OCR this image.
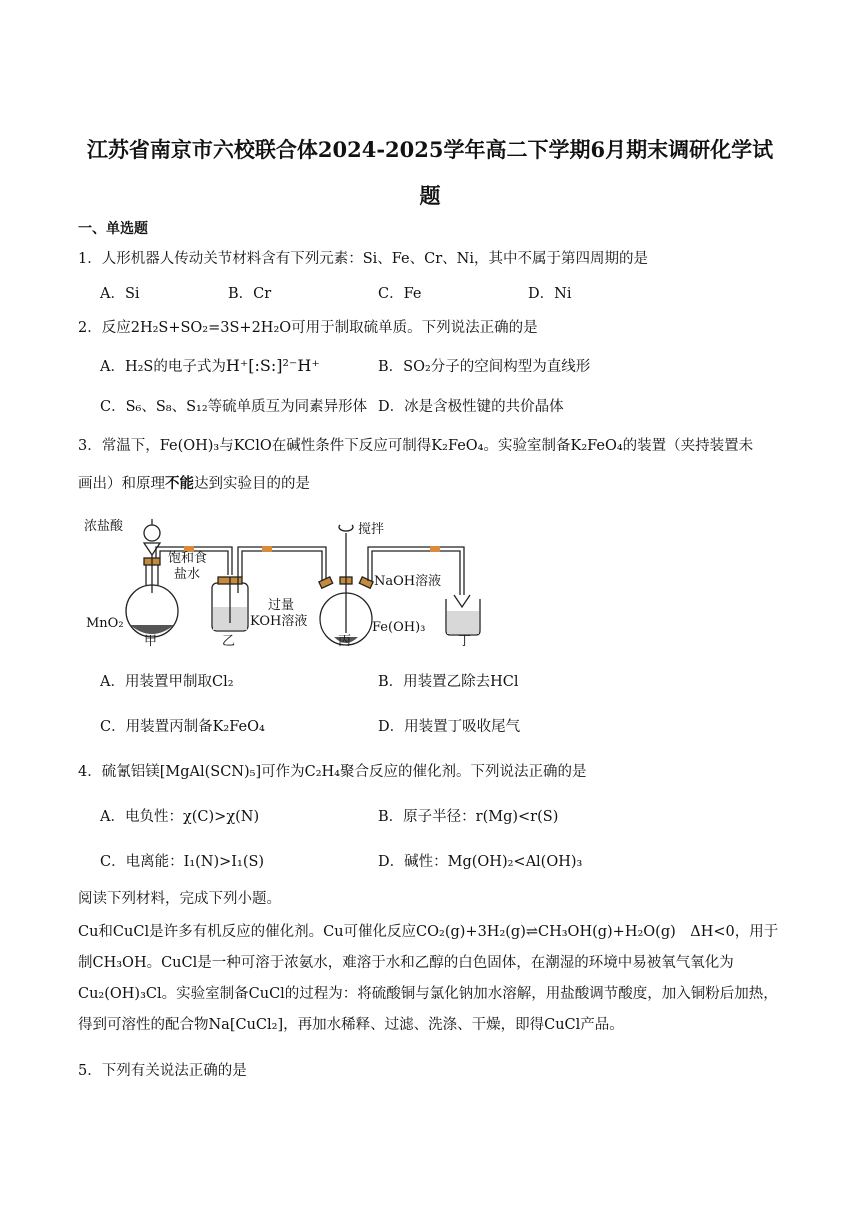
江苏省南京市六校联合体2024-2025学年高二下学期6月期末调研化学试
题
一、单选题
1．人形机器人传动关节材料含有下列元素：Si、Fe、Cr、Ni，其中不属于第四周期的是
A．Si	B．Cr	C．Fe	D．Ni
2．反应2H₂S+SO₂=3S+2H₂O可用于制取硫单质。下列说法正确的是
A．H₂S的电子式为H⁺[:S:]²⁻H⁺	B．SO₂分子的空间构型为直线形
C．S₆、S₈、S₁₂等硫单质互为同素异形体 D．冰是含极性键的共价晶体
3．常温下，Fe(OH)₃与KClO在碱性条件下反应可制得K₂FeO₄。实验室制备K₂FeO₄的装置（夹持装置未
画出）和原理不能达到实验目的的是
浓盐酸
MnO₂
甲
饱和食
盐水
乙
过量
KOH溶液
丙
搅拌
Fe(OH)₃
NaOH溶液
丁
A．用装置甲制取Cl₂	B．用装置乙除去HCl
C．用装置丙制备K₂FeO₄	D．用装置丁吸收尾气
4．硫氰铝镁[MgAl(SCN)₅]可作为C₂H₄聚合反应的催化剂。下列说法正确的是
A．电负性：χ(C)>χ(N)	B．原子半径：r(Mg)<r(S)
C．电离能：I₁(N)>I₁(S)	D．碱性：Mg(OH)₂<Al(OH)₃
阅读下列材料，完成下列小题。
Cu和CuCl是许多有机反应的催化剂。Cu可催化反应CO₂(g)+3H₂(g)⇌CH₃OH(g)+H₂O(g)　ΔH<0，用于制CH₃OH。CuCl是一种可溶于浓氨水，难溶于水和乙醇的白色固体，在潮湿的环境中易被氧气氧化为Cu₂(OH)₃Cl。实验室制备CuCl的过程为：将硫酸铜与氯化钠加水溶解，用盐酸调节酸度，加入铜粉后加热，得到可溶性的配合物Na[CuCl₂]，再加水稀释、过滤、洗涤、干燥，即得CuCl产品。
5．下列有关说法正确的是
